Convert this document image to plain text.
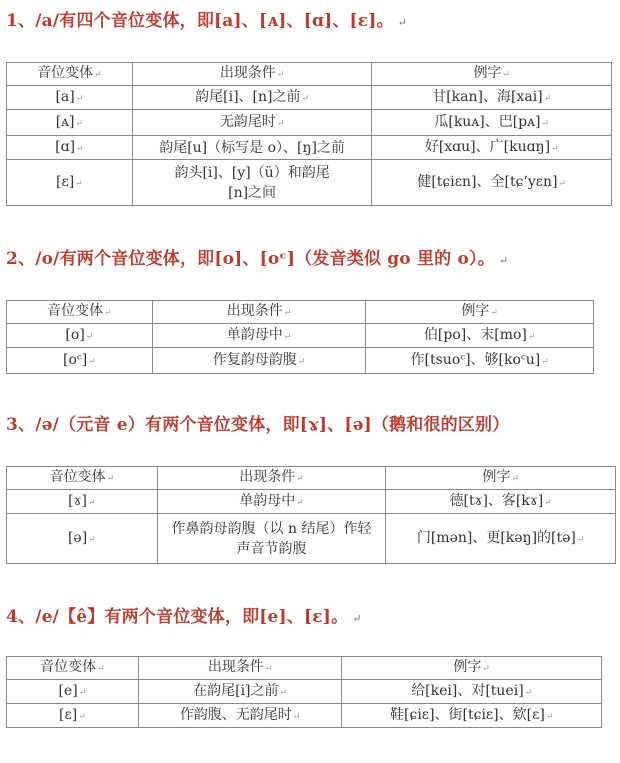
1、/a/有四个音位变体，即[a]、[ᴀ]、[ɑ]、[ɛ]。 ↵
音位变体↵	出现条件↵	例字↵
[a]↵	韵尾[i]、[n]之前↵	甘[kan]、海[xai]↵
[ᴀ]↵	无韵尾时↵	瓜[kuᴀ]、巴[pᴀ]↵
[ɑ]↵	韵尾[u]（标写是 o）、[ŋ]之前	好[xɑu]、广[kuɑŋ]↵
[ɛ]↵	韵头[i]、[y]（ü）和韵尾[n]之间	健[tɕiɛn]、全[tɕʻyɛn]↵
2、/o/有两个音位变体，即[o]、[oᶜ]（发音类似 go 里的 o）。 ↵
音位变体↵	出现条件↵	例字↵
[o]↵	单韵母中↵	伯[po]、末[mo]↵
[oᶜ]↵	作复韵母韵腹↵	作[tsuoᶜ]、够[koᶜu]↵
3、/ə/（元音 e）有两个音位变体，即[ɤ]、[ə]（鹅和很的区别）
音位变体↵	出现条件↵	例字↵
[ɤ]↵	单韵母中↵	德[tɤ]、客[kɤ]↵
[ə]↵	作鼻韵母韵腹（以 n 结尾）作轻声音节韵腹	门[mən]、更[kəŋ]的[tə]↵
4、/e/【ê】有两个音位变体，即[e]、[ɛ]。 ↵
音位变体↵	出现条件↵	例字↵
[e]↵	在韵尾[i]之前↵	给[kei]、对[tuei]↵
[ɛ]↵	作韵腹、无韵尾时↵	鞋[ɕiɛ]、街[tɕiɛ]、欸[ɛ]↵
